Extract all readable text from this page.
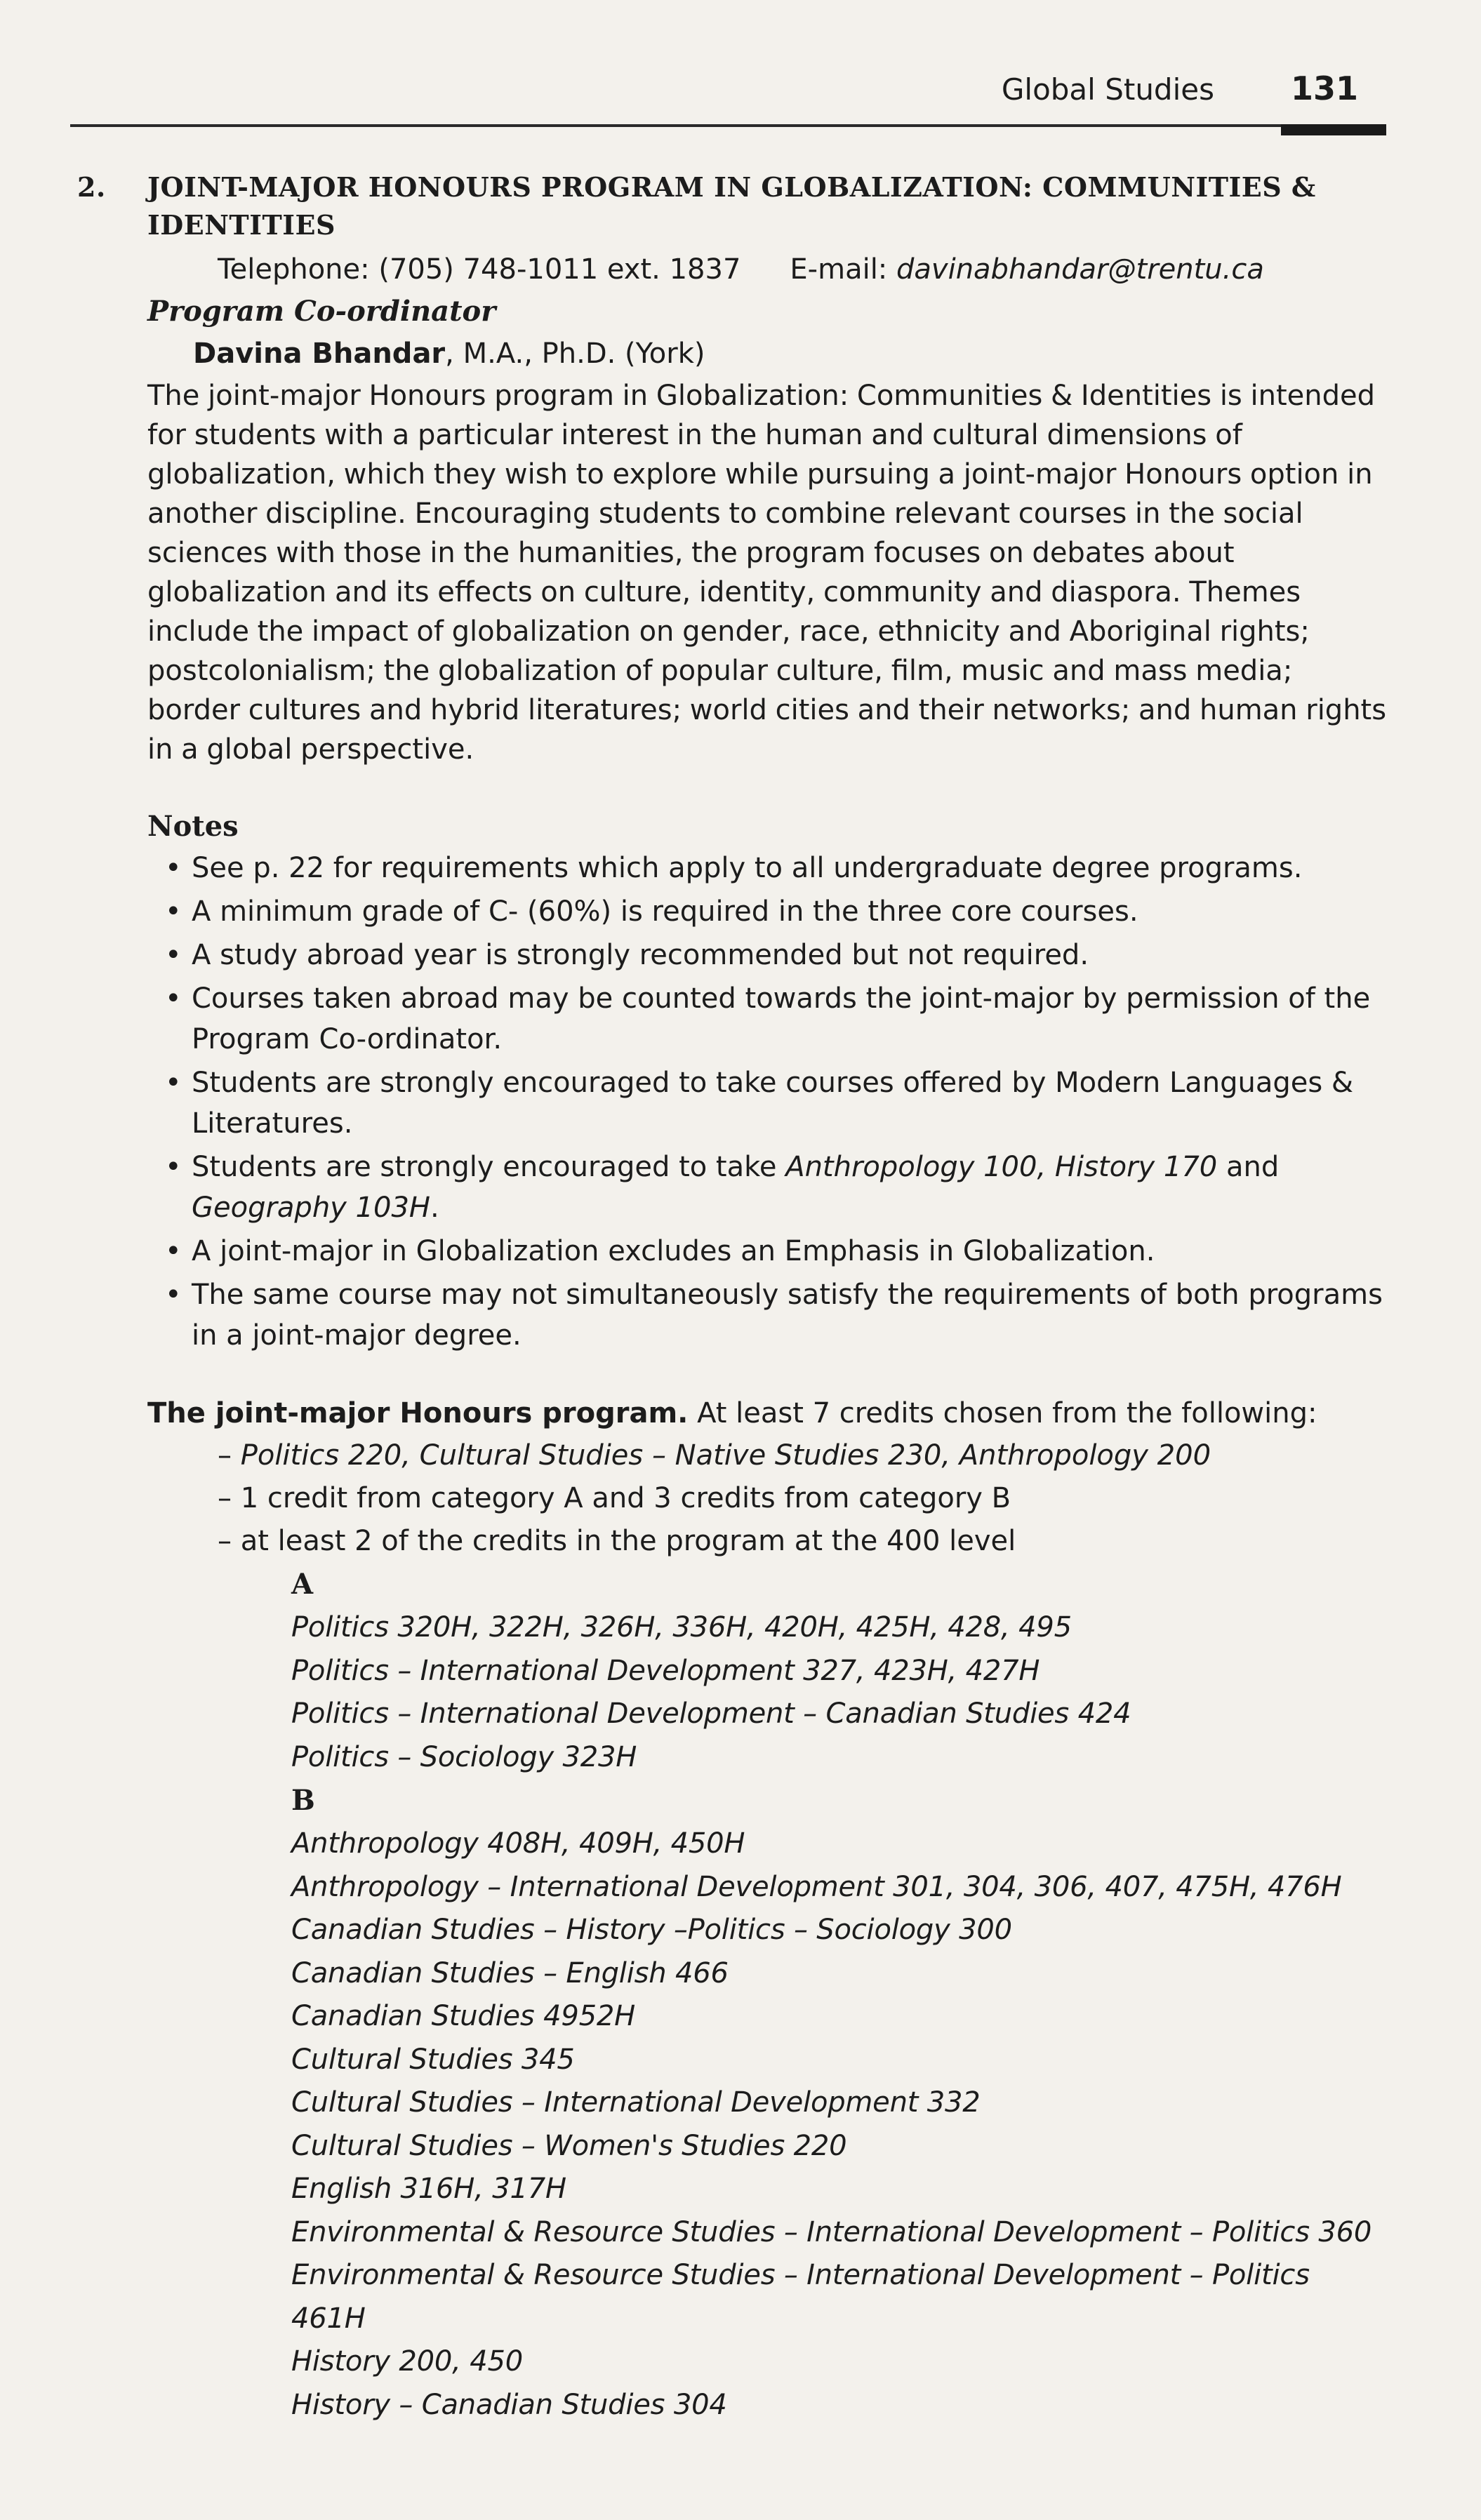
Global Studies 131
2. JOINT-MAJOR HONOURS PROGRAM IN GLOBALIZATION: COMMUNITIES & IDENTITIES
Telephone: (705) 748-1011 ext. 1837 E-mail: davinabhandar@trentu.ca
Program Co-ordinator
Davina Bhandar, M.A., Ph.D. (York)
The joint-major Honours program in Globalization: Communities & Identities is intended for students with a particular interest in the human and cultural dimensions of globalization, which they wish to explore while pursuing a joint-major Honours option in another discipline. Encouraging students to combine relevant courses in the social sciences with those in the humanities, the program focuses on debates about globalization and its effects on culture, identity, community and diaspora. Themes include the impact of globalization on gender, race, ethnicity and Aboriginal rights; postcolonialism; the globalization of popular culture, film, music and mass media; border cultures and hybrid literatures; world cities and their networks; and human rights in a global perspective.
Notes
• See p. 22 for requirements which apply to all undergraduate degree programs.
• A minimum grade of C- (60%) is required in the three core courses.
• A study abroad year is strongly recommended but not required.
• Courses taken abroad may be counted towards the joint-major by permission of the Program Co-ordinator.
• Students are strongly encouraged to take courses offered by Modern Languages & Literatures.
• Students are strongly encouraged to take Anthropology 100, History 170 and Geography 103H.
• A joint-major in Globalization excludes an Emphasis in Globalization.
• The same course may not simultaneously satisfy the requirements of both programs in a joint-major degree.
The joint-major Honours program. At least 7 credits chosen from the following:
– Politics 220, Cultural Studies – Native Studies 230, Anthropology 200
– 1 credit from category A and 3 credits from category B
– at least 2 of the credits in the program at the 400 level
A
Politics 320H, 322H, 326H, 336H, 420H, 425H, 428, 495
Politics – International Development 327, 423H, 427H
Politics – International Development – Canadian Studies 424
Politics – Sociology 323H
B
Anthropology 408H, 409H, 450H
Anthropology – International Development 301, 304, 306, 407, 475H, 476H
Canadian Studies – History –Politics – Sociology 300
Canadian Studies – English 466
Canadian Studies 4952H
Cultural Studies 345
Cultural Studies – International Development 332
Cultural Studies – Women's Studies 220
English 316H, 317H
Environmental & Resource Studies – International Development – Politics 360
Environmental & Resource Studies – International Development – Politics 461H
History 200, 450
History – Canadian Studies 304
